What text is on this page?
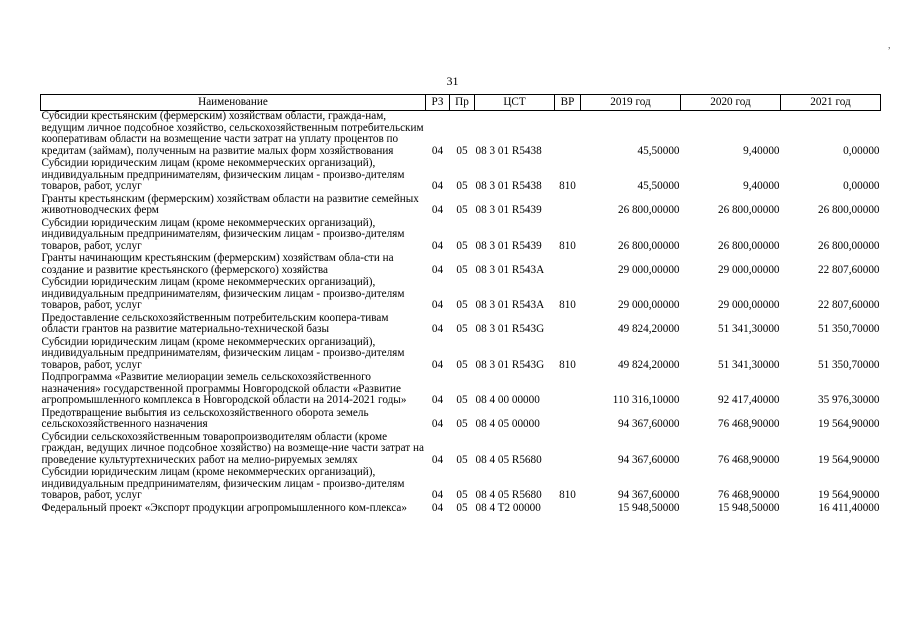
31
,
Наименование	РЗ	Пр	ЦСТ	ВР	2019 год	2020 год	2021 год
Субсидии крестьянским (фермерским) хозяйствам области, гражда-нам, ведущим личное подсобное хозяйство, сельскохозяйственным потребительским кооперативам области на возмещение части затрат на уплату процентов по кредитам (займам), полученным на развитие малых форм хозяйствования	04	05	08 3 01 R5438		45,50000	9,40000	0,00000
Субсидии юридическим лицам (кроме некоммерческих организаций), индивидуальным предпринимателям, физическим лицам - произво-дителям товаров, работ, услуг	04	05	08 3 01 R5438	810	45,50000	9,40000	0,00000
Гранты крестьянским (фермерским) хозяйствам области на развитие семейных животноводческих ферм	04	05	08 3 01 R5439		26 800,00000	26 800,00000	26 800,00000
Субсидии юридическим лицам (кроме некоммерческих организаций), индивидуальным предпринимателям, физическим лицам - произво-дителям товаров, работ, услуг	04	05	08 3 01 R5439	810	26 800,00000	26 800,00000	26 800,00000
Гранты начинающим крестьянским (фермерским) хозяйствам обла-сти на создание и развитие крестьянского (фермерского) хозяйства	04	05	08 3 01 R543A		29 000,00000	29 000,00000	22 807,60000
Субсидии юридическим лицам (кроме некоммерческих организаций), индивидуальным предпринимателям, физическим лицам - произво-дителям товаров, работ, услуг	04	05	08 3 01 R543A	810	29 000,00000	29 000,00000	22 807,60000
Предоставление сельскохозяйственным потребительским коопера-тивам области грантов на развитие материально-технической базы	04	05	08 3 01 R543G		49 824,20000	51 341,30000	51 350,70000
Субсидии юридическим лицам (кроме некоммерческих организаций), индивидуальным предпринимателям, физическим лицам - произво-дителям товаров, работ, услуг	04	05	08 3 01 R543G	810	49 824,20000	51 341,30000	51 350,70000
Подпрограмма «Развитие мелиорации земель сельскохозяйственного назначения» государственной программы Новгородской области «Развитие агропромышленного комплекса в Новгородской области на 2014-2021 годы»	04	05	08 4 00 00000		110 316,10000	92 417,40000	35 976,30000
Предотвращение выбытия из сельскохозяйственного оборота земель сельскохозяйственного назначения	04	05	08 4 05 00000		94 367,60000	76 468,90000	19 564,90000
Субсидии сельскохозяйственным товаропроизводителям области (кроме граждан, ведущих личное подсобное хозяйство) на возмеще-ние части затрат на проведение культуртехнических работ на мелио-рируемых землях	04	05	08 4 05 R5680		94 367,60000	76 468,90000	19 564,90000
Субсидии юридическим лицам (кроме некоммерческих организаций), индивидуальным предпринимателям, физическим лицам - произво-дителям товаров, работ, услуг	04	05	08 4 05 R5680	810	94 367,60000	76 468,90000	19 564,90000
Федеральный проект «Экспорт продукции агропромышленного ком-плекса»	04	05	08 4 T2 00000		15 948,50000	15 948,50000	16 411,40000
